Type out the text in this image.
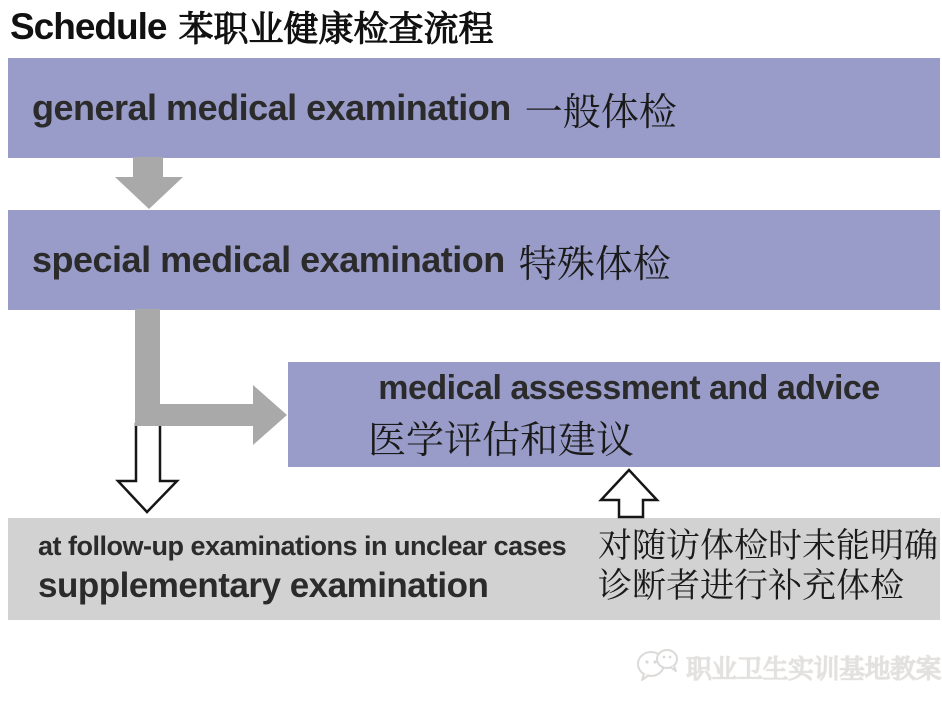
Schedule 苯职业健康检查流程
general medical examination 一般体检
special medical examination 特殊体检
medical assessment and advice
医学评估和建议
at follow-up examinations in unclear cases
supplementary examination
对随访体检时未能明确
诊断者进行补充体检
职业卫生实训基地教案
